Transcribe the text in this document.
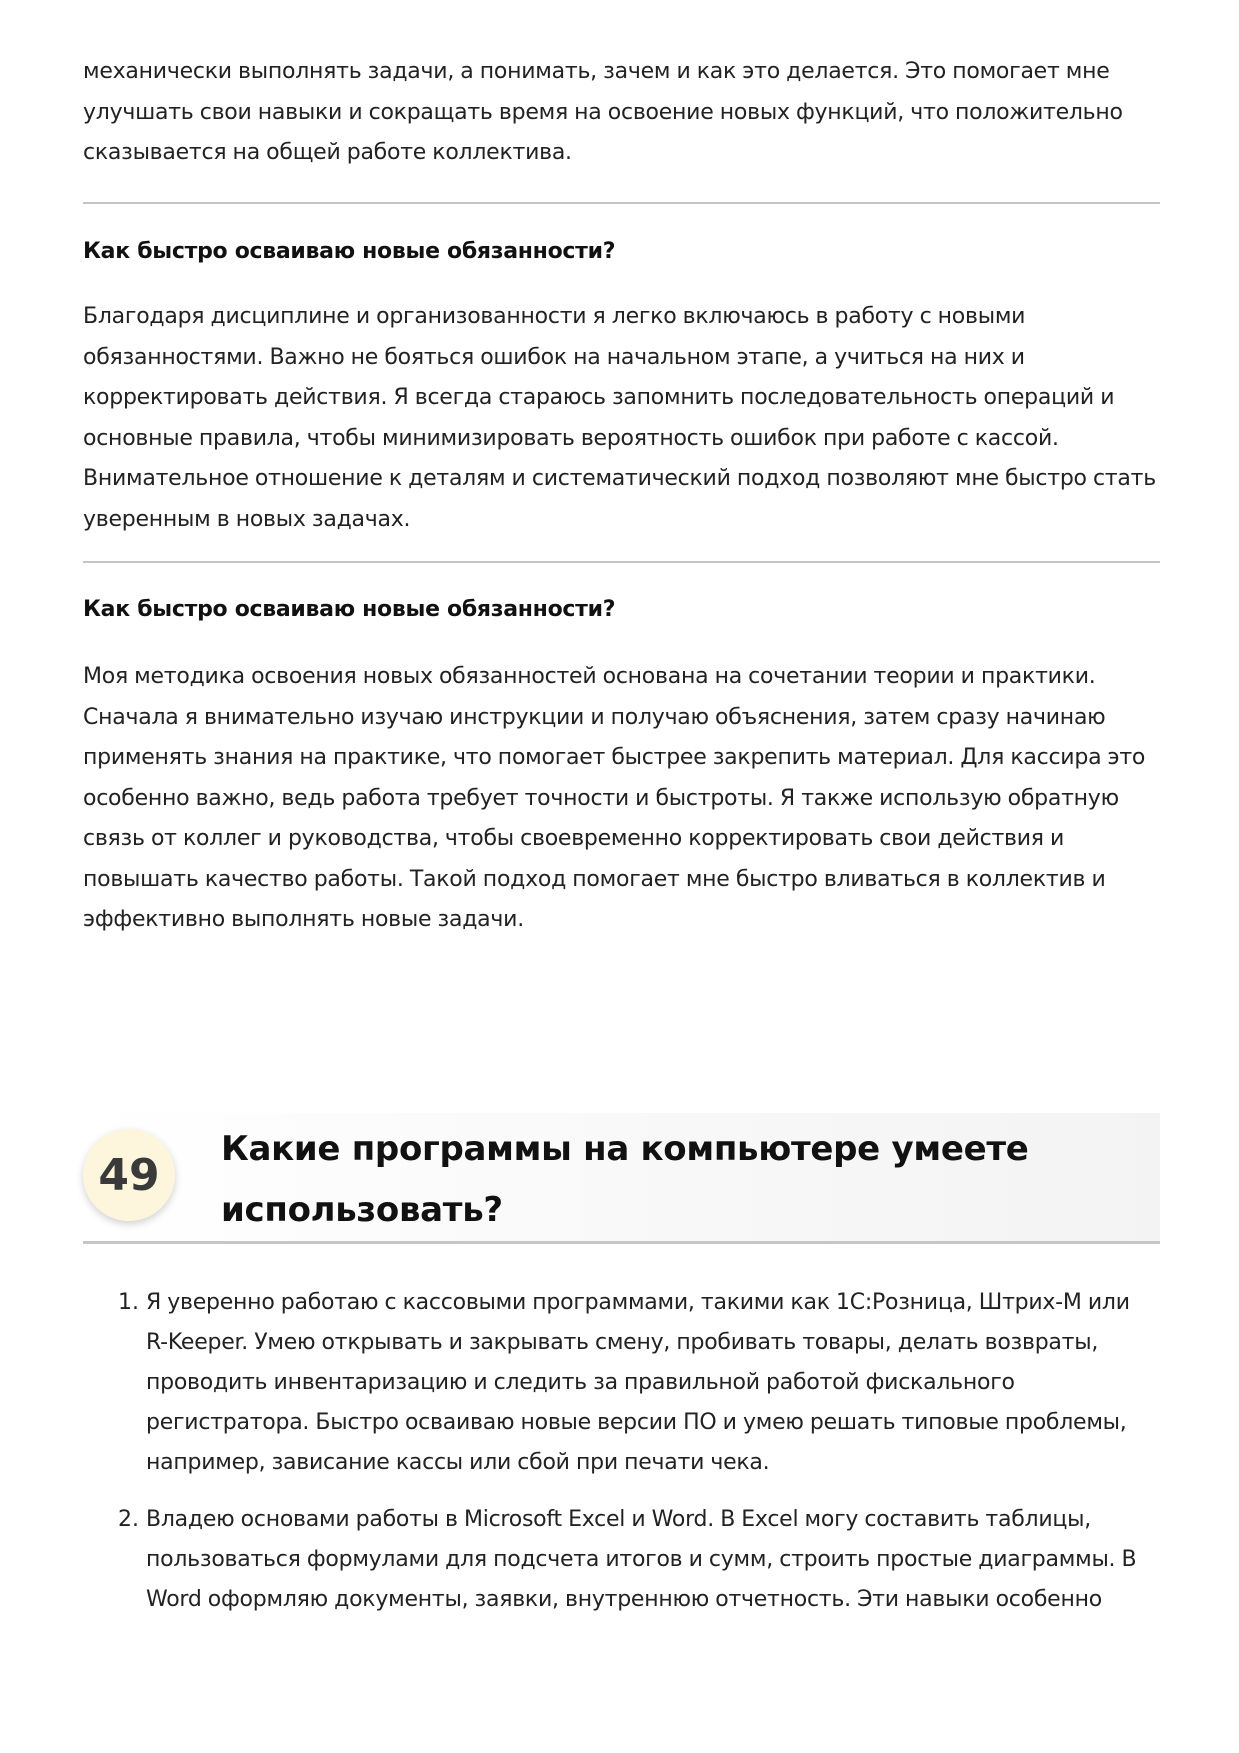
механически выполнять задачи, а понимать, зачем и как это делается. Это помогает мне

улучшать свои навыки и сокращать время на освоение новых функций, что положительно

сказывается на общей работе коллектива.

Как быстро осваиваю новые обязанности?

Благодаря дисциплине и организованности я легко включаюсь в работу с новыми

обязанностями. Важно не бояться ошибок на начальном этапе, а учиться на них и

корректировать действия. Я всегда стараюсь запомнить последовательность операций и

основные правила, чтобы минимизировать вероятность ошибок при работе с кассой.

Внимательное отношение к деталям и систематический подход позволяют мне быстро стать

уверенным в новых задачах.

Как быстро осваиваю новые обязанности?

Моя методика освоения новых обязанностей основана на сочетании теории и практики.

Сначала я внимательно изучаю инструкции и получаю объяснения, затем сразу начинаю

применять знания на практике, что помогает быстрее закрепить материал. Для кассира это

особенно важно, ведь работа требует точности и быстроты. Я также использую обратную

связь от коллег и руководства, чтобы своевременно корректировать свои действия и

повышать качество работы. Такой подход помогает мне быстро вливаться в коллектив и

эффективно выполнять новые задачи.

49
Какие программы на компьютере умеете
использовать?
1. Я уверенно работаю с кассовыми программами, такими как 1С:Розница, Штрих-М или

R-Keeper. Умею открывать и закрывать смену, пробивать товары, делать возвраты,

проводить инвентаризацию и следить за правильной работой фискального

регистратора. Быстро осваиваю новые версии ПО и умею решать типовые проблемы,

например, зависание кассы или сбой при печати чека.

2. Владею основами работы в Microsoft Excel и Word. В Excel могу составить таблицы,

пользоваться формулами для подсчета итогов и сумм, строить простые диаграммы. В

Word оформляю документы, заявки, внутреннюю отчетность. Эти навыки особенно
